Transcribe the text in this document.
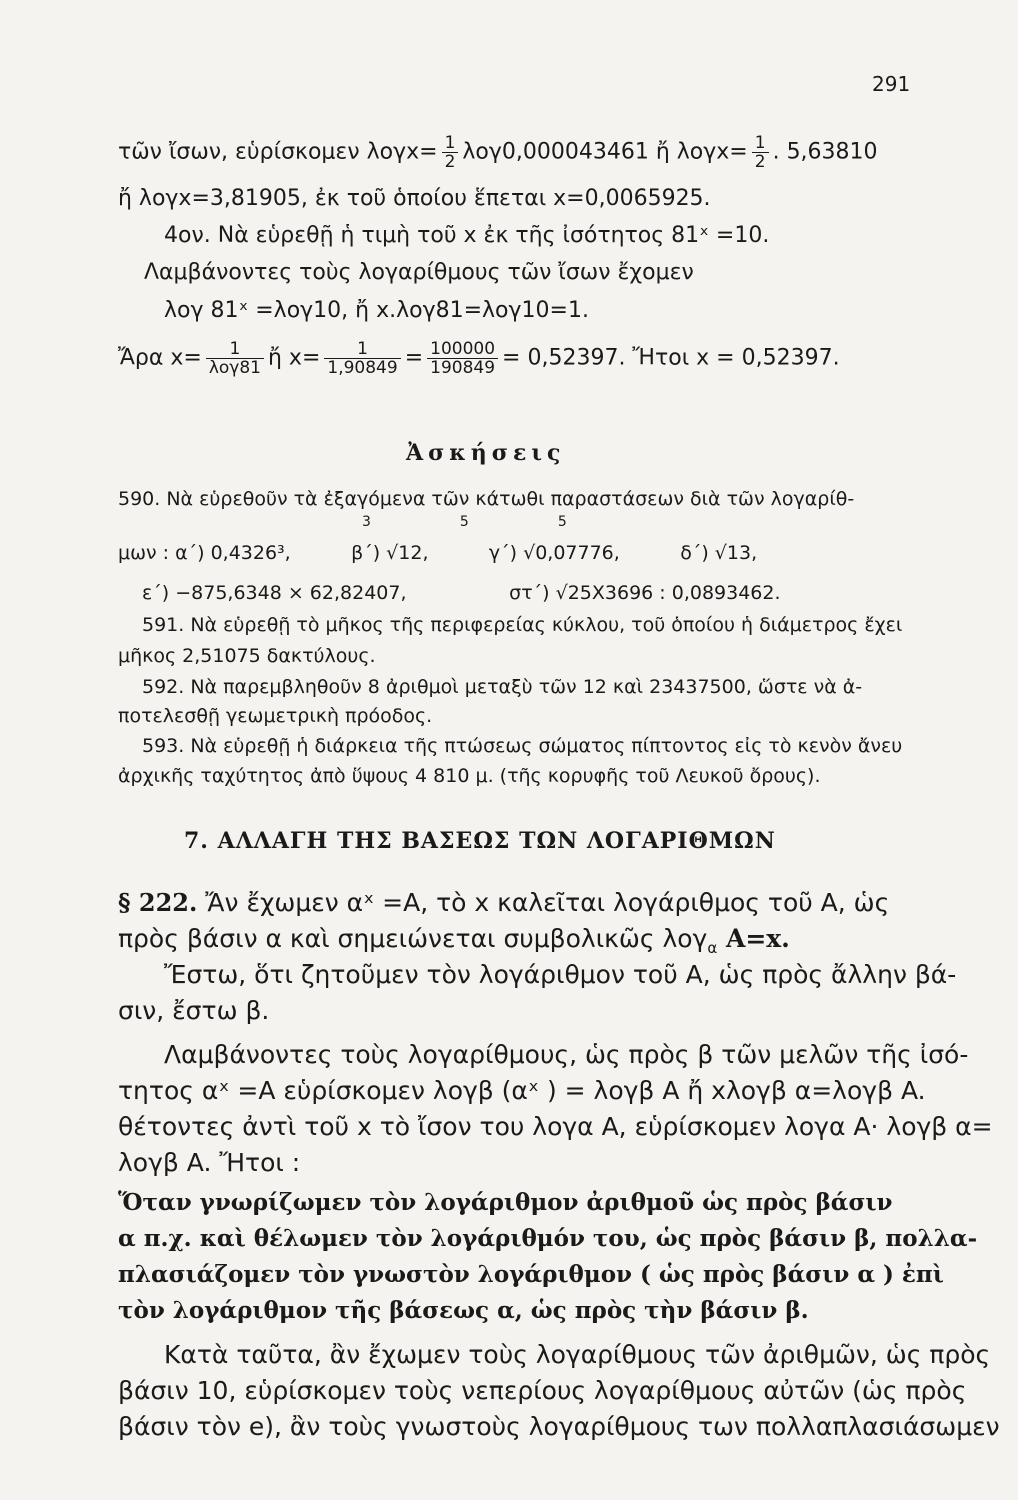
291
τῶν ἴσων, εὑρίσκομεν $\lambda o\gamma x= \frac{1}{2} \lambda o\gamma 0,000043461$ ἤ $\lambda o\gamma x= \frac{1}{2}$ . 5,63810
ἤ λογx=3,81905, ἐκ τοῦ ὁποίου ἕπεται x=0,0065925.
4ον. Νὰ εὑρεθῇ ἡ τιμὴ τοῦ x ἐκ τῆς ἰσότητος 81ˣ =10.
Λαμβάνοντες τοὺς λογαρίθμους τῶν ἴσων ἔχομεν
λογ 81ˣ =λογ10, ἤ x.λογ81=λογ10=1.
Ἄρα $x= \frac{1}{\text{λογ81}}$ ἤ $x= \frac{1}{1,90849} = \frac{100000}{190849} = 0,52397$. Ἤτοι x = 0,52397.
Ἀσκήσεις
590. Νὰ εὑρεθοῦν τὰ ἐξαγόμενα τῶν κάτωθι παραστάσεων διὰ τῶν λογαρίθ-
3                    5                    5
μων : α΄) 0,4326³,          β΄) √12,          γ΄) √0,07776,          δ΄) √13,
ε΄) −875,6348 × 62,82407,                 στ΄) √25X3696 : 0,0893462.
591. Νὰ εὑρεθῇ τὸ μῆκος τῆς περιφερείας κύκλου, τοῦ ὁποίου ἡ διάμετρος ἔχει
μῆκος 2,51075 δακτύλους.
592. Νὰ παρεμβληθοῦν 8 ἀριθμοὶ μεταξὺ τῶν 12 καὶ 23437500, ὥστε νὰ ἀ-
ποτελεσθῇ γεωμετρικὴ πρόοδος.
593. Νὰ εὑρεθῇ ἡ διάρκεια τῆς πτώσεως σώματος πίπτοντος εἰς τὸ κενὸν ἄνευ
ἀρχικῆς ταχύτητος ἀπὸ ὕψους 4 810 μ. (τῆς κορυφῆς τοῦ Λευκοῦ ὄρους).
7. ΑΛΛΑΓΗ ΤΗΣ ΒΑΣΕΩΣ ΤΩΝ ΛΟΓΑΡΙΘΜΩΝ
§ 222. Ἄν ἔχωμεν αˣ =A, τὸ x καλεῖται λογάριθμος τοῦ A, ὡς
πρὸς βάσιν α καὶ σημειώνεται συμβολικῶς λογ$_\alpha$ A=x.
Ἔστω, ὅτι ζητοῦμεν τὸν λογάριθμον τοῦ A, ὡς πρὸς ἄλλην βά-
σιν, ἔστω β.
Λαμβάνοντες τοὺς λογαρίθμους, ὡς πρὸς β τῶν μελῶν τῆς ἰσό-
τητος αˣ =A εὑρίσκομεν λογβ (αˣ ) = λογβ A ἤ xλογβ α=λογβ A.
θέτοντες ἀντὶ τοῦ x τὸ ἴσον του λογα A, εὑρίσκομεν λογα A· λογβ α=
λογβ A. Ἤτοι :
Ὅταν γνωρίζωμεν τὸν λογάριθμον ἀριθμοῦ ὡς πρὸς βάσιν
α π.χ. καὶ θέλωμεν τὸν λογάριθμόν του, ὡς πρὸς βάσιν β, πολλα-
πλασιάζομεν τὸν γνωστὸν λογάριθμον ( ὡς πρὸς βάσιν α ) ἐπὶ
τὸν λογάριθμον τῆς βάσεως α, ὡς πρὸς τὴν βάσιν β.
Κατὰ ταῦτα, ἂν ἔχωμεν τοὺς λογαρίθμους τῶν ἀριθμῶν, ὡς πρὸς
βάσιν 10, εὑρίσκομεν τοὺς νεπερίους λογαρίθμους αὐτῶν (ὡς πρὸς
βάσιν τὸν e), ἂν τοὺς γνωστοὺς λογαρίθμους των πολλαπλασιάσωμεν
